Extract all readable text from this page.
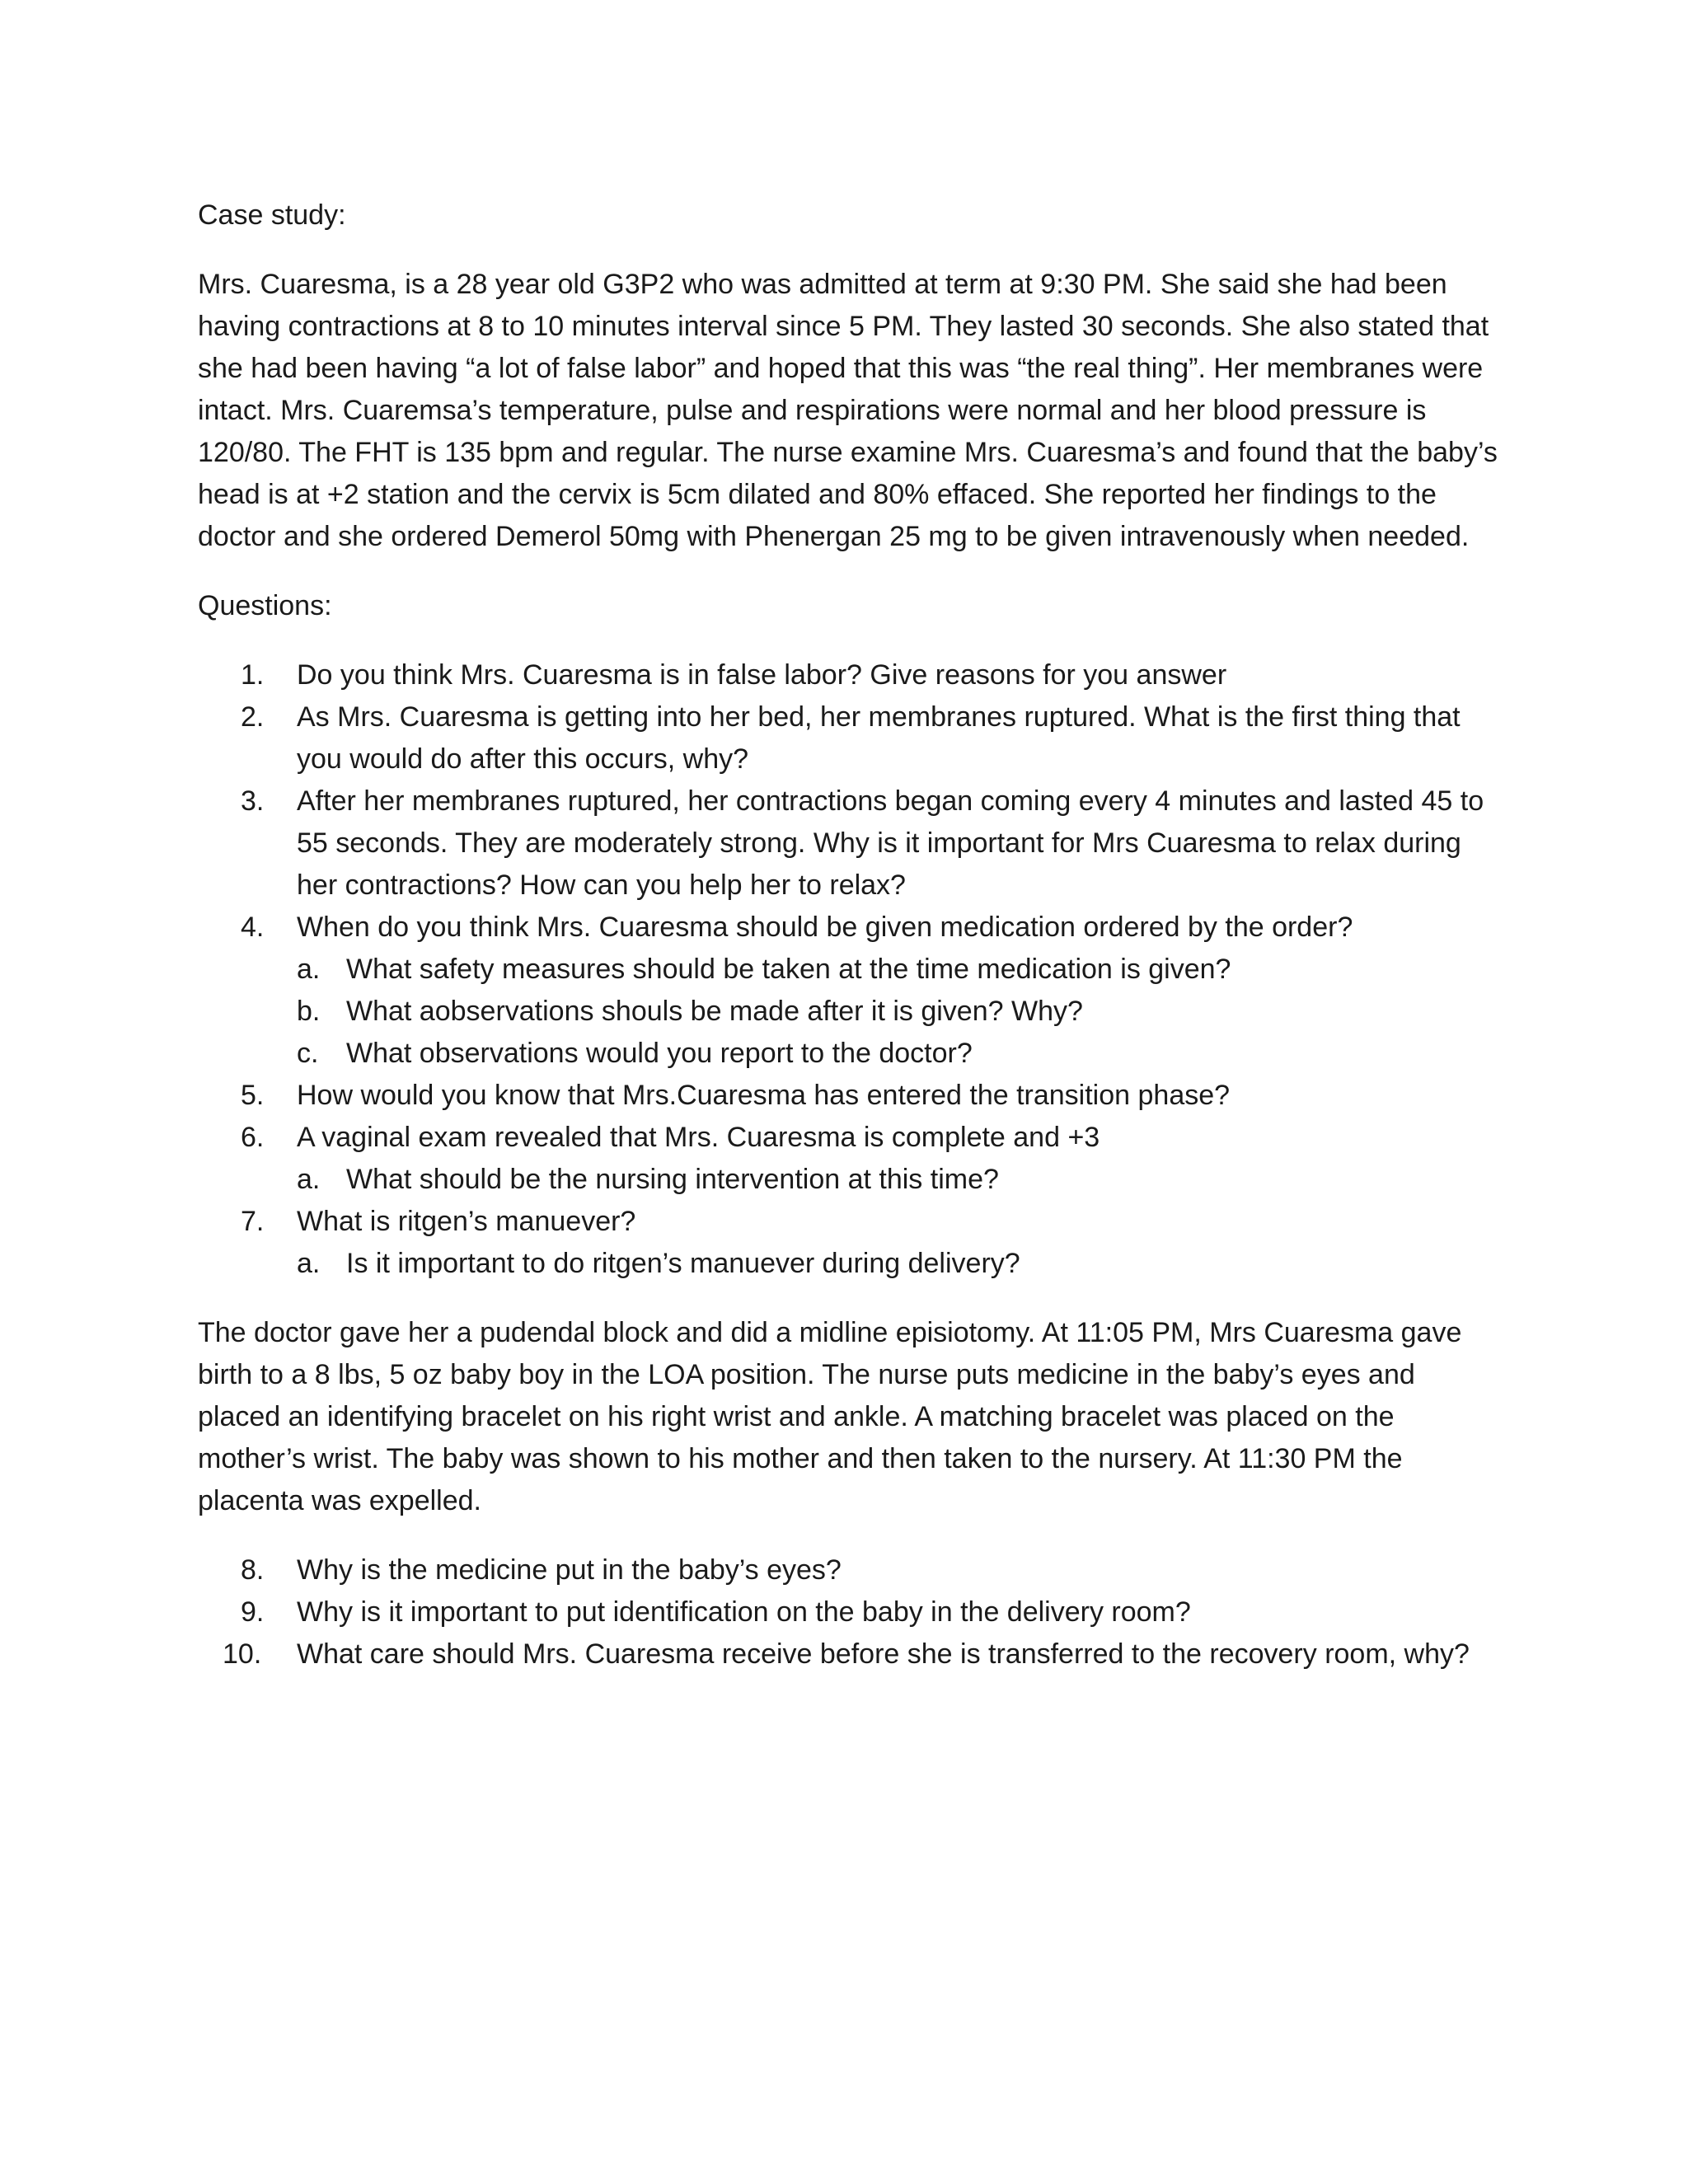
Case study:

Mrs. Cuaresma, is a 28 year old G3P2 who was admitted at term at 9:30 PM. She said she had been having contractions at 8 to 10 minutes interval since 5 PM. They lasted 30 seconds. She also stated that she had been having “a lot of false labor” and hoped that this was “the real thing”. Her membranes were intact. Mrs. Cuaremsa’s temperature, pulse and respirations were normal and her blood pressure is 120/80. The FHT is 135 bpm and regular. The nurse examine Mrs. Cuaresma’s and found that the baby’s head is at +2 station and the cervix is 5cm dilated and 80% effaced. She reported her findings to the doctor and she ordered Demerol 50mg with Phenergan 25 mg to be given intravenously when needed.

Questions:

1. Do you think Mrs. Cuaresma is in false labor? Give reasons for you answer
2. As Mrs. Cuaresma is getting into her bed, her membranes ruptured. What is the first thing that you would do after this occurs, why?
3. After her membranes ruptured, her contractions began coming every 4 minutes and lasted 45 to 55 seconds. They are moderately strong. Why is it important for Mrs Cuaresma to relax during her contractions? How can you help her to relax?
4. When do you think Mrs. Cuaresma should be given medication ordered by the order?
a. What safety measures should be taken at the time medication is given?
b. What aobservations shouls be made after it is given? Why?
c. What observations would you report to the doctor?
5. How would you know that Mrs.Cuaresma has entered the transition phase?
6. A vaginal exam revealed that Mrs. Cuaresma is complete and +3
a. What should be the nursing intervention at this time?
7. What is ritgen’s manuever?
a. Is it important to do ritgen’s manuever during delivery?

The doctor gave her a pudendal block and did a midline episiotomy. At 11:05 PM, Mrs Cuaresma gave birth to a 8 lbs, 5 oz baby boy in the LOA position. The nurse puts medicine in the baby’s eyes and placed an identifying bracelet on his right wrist and ankle. A matching bracelet was placed on the mother’s wrist. The baby was shown to his mother and then taken to the nursery. At 11:30 PM the placenta was expelled.

8. Why is the medicine put in the baby’s eyes?
9. Why is it important to put identification on the baby in the delivery room?
10. What care should Mrs. Cuaresma receive before she is transferred to the recovery room, why?
